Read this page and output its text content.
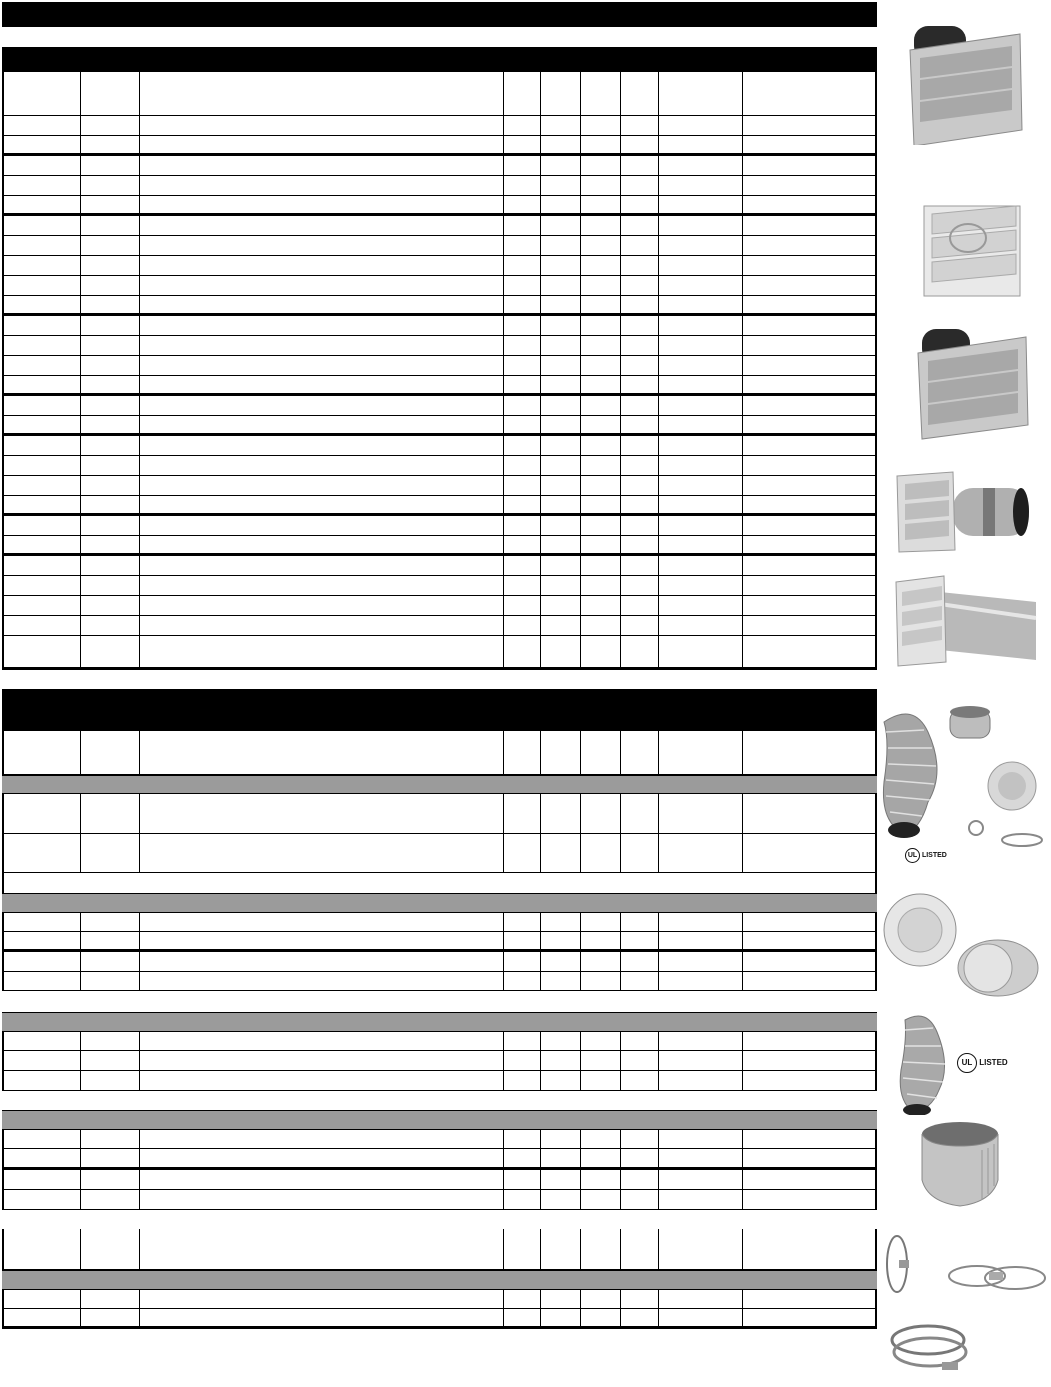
UL LISTED
UL LISTED
